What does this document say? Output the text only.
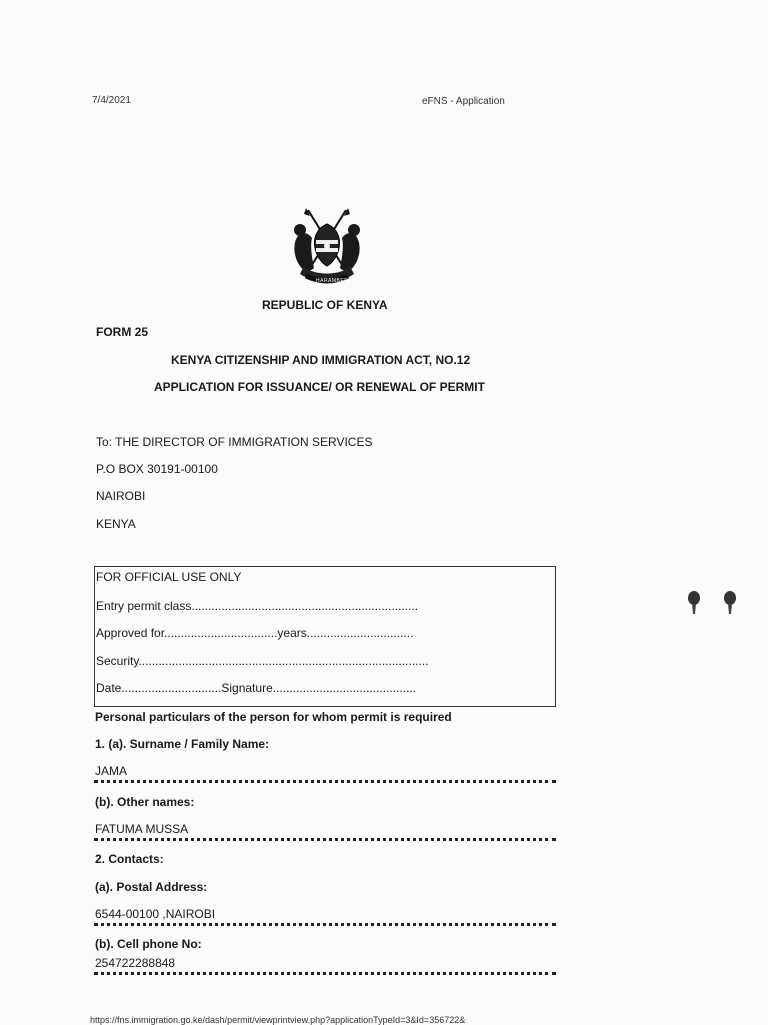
7/4/2021	eFNS - Application
HARAMBEE
REPUBLIC OF KENYA
FORM 25
KENYA CITIZENSHIP AND IMMIGRATION ACT, NO.12
APPLICATION FOR ISSUANCE/ OR RENEWAL OF PERMIT
To: THE DIRECTOR OF IMMIGRATION SERVICES
P.O BOX 30191-00100
NAIROBI
KENYA
FOR OFFICIAL USE ONLY
Entry permit class....................................................................
Approved for..................................years................................
Security.......................................................................................
Date..............................Signature...........................................
Personal particulars of the person for whom permit is required
1. (a). Surname / Family Name:
JAMA
(b). Other names:
FATUMA MUSSA
2. Contacts:
(a). Postal Address:
6544-00100 ,NAIROBI
(b). Cell phone No:
254722288848
https://fns.immigration.go.ke/dash/permit/viewprintview.php?applicationTypeId=3&Id=356722&
